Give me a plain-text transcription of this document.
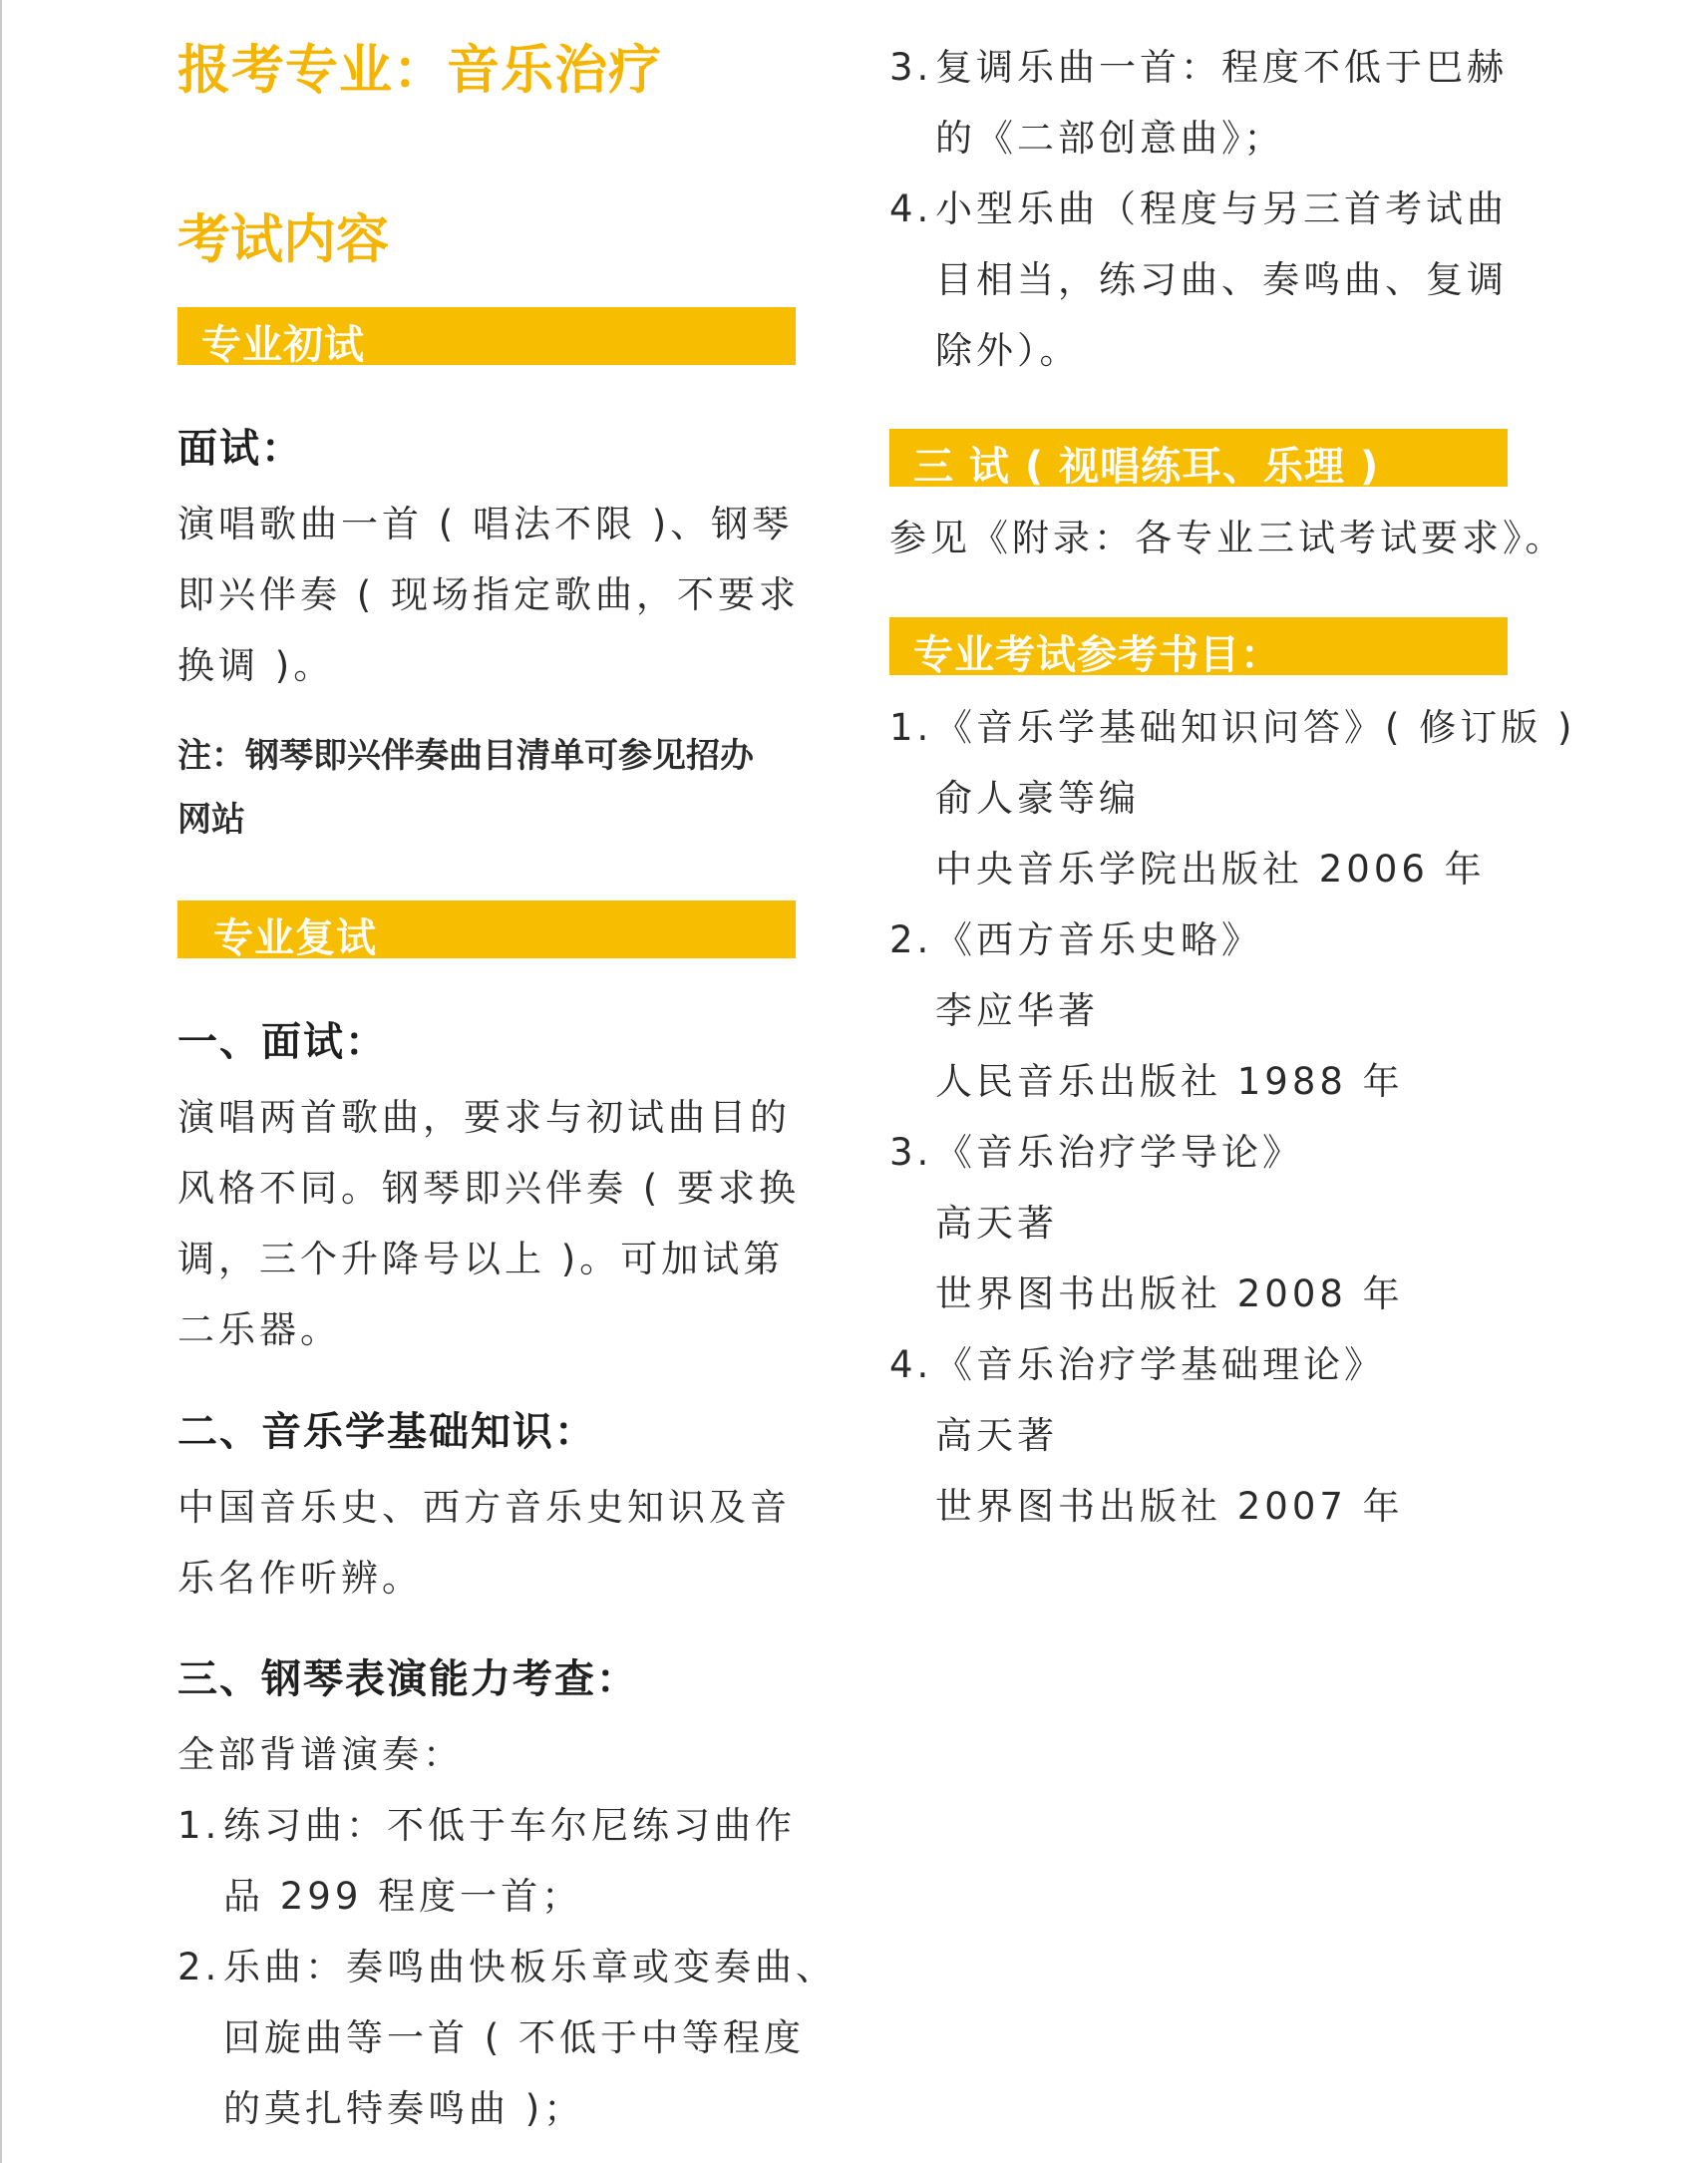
报考专业：音乐治疗
考试内容
专业初试
面试：
演唱歌曲一首 ( 唱法不限 )、钢琴
即兴伴奏 ( 现场指定歌曲，不要求
换调 )。
注：钢琴即兴伴奏曲目清单可参见招办
网站
专业复试
一、面试：
演唱两首歌曲，要求与初试曲目的
风格不同。钢琴即兴伴奏 ( 要求换
调，三个升降号以上 )。可加试第
二乐器。
二、音乐学基础知识：
中国音乐史、西方音乐史知识及音
乐名作听辨。
三、钢琴表演能力考查：
全部背谱演奏：
1.练习曲：不低于车尔尼练习曲作
品 299 程度一首；
2.乐曲：奏鸣曲快板乐章或变奏曲、
回旋曲等一首 ( 不低于中等程度
的莫扎特奏鸣曲 )；
3.复调乐曲一首：程度不低于巴赫
的《二部创意曲》；
4.小型乐曲（程度与另三首考试曲
目相当，练习曲、奏鸣曲、复调
除外）。
三 试 ( 视唱练耳、乐理 )
参见《附录：各专业三试考试要求》。
专业考试参考书目：
1.《音乐学基础知识问答》( 修订版 )
俞人豪等编
中央音乐学院出版社 2006 年
2.《西方音乐史略》
李应华著
人民音乐出版社 1988 年
3.《音乐治疗学导论》
高天著
世界图书出版社 2008 年
4.《音乐治疗学基础理论》
高天著
世界图书出版社 2007 年
